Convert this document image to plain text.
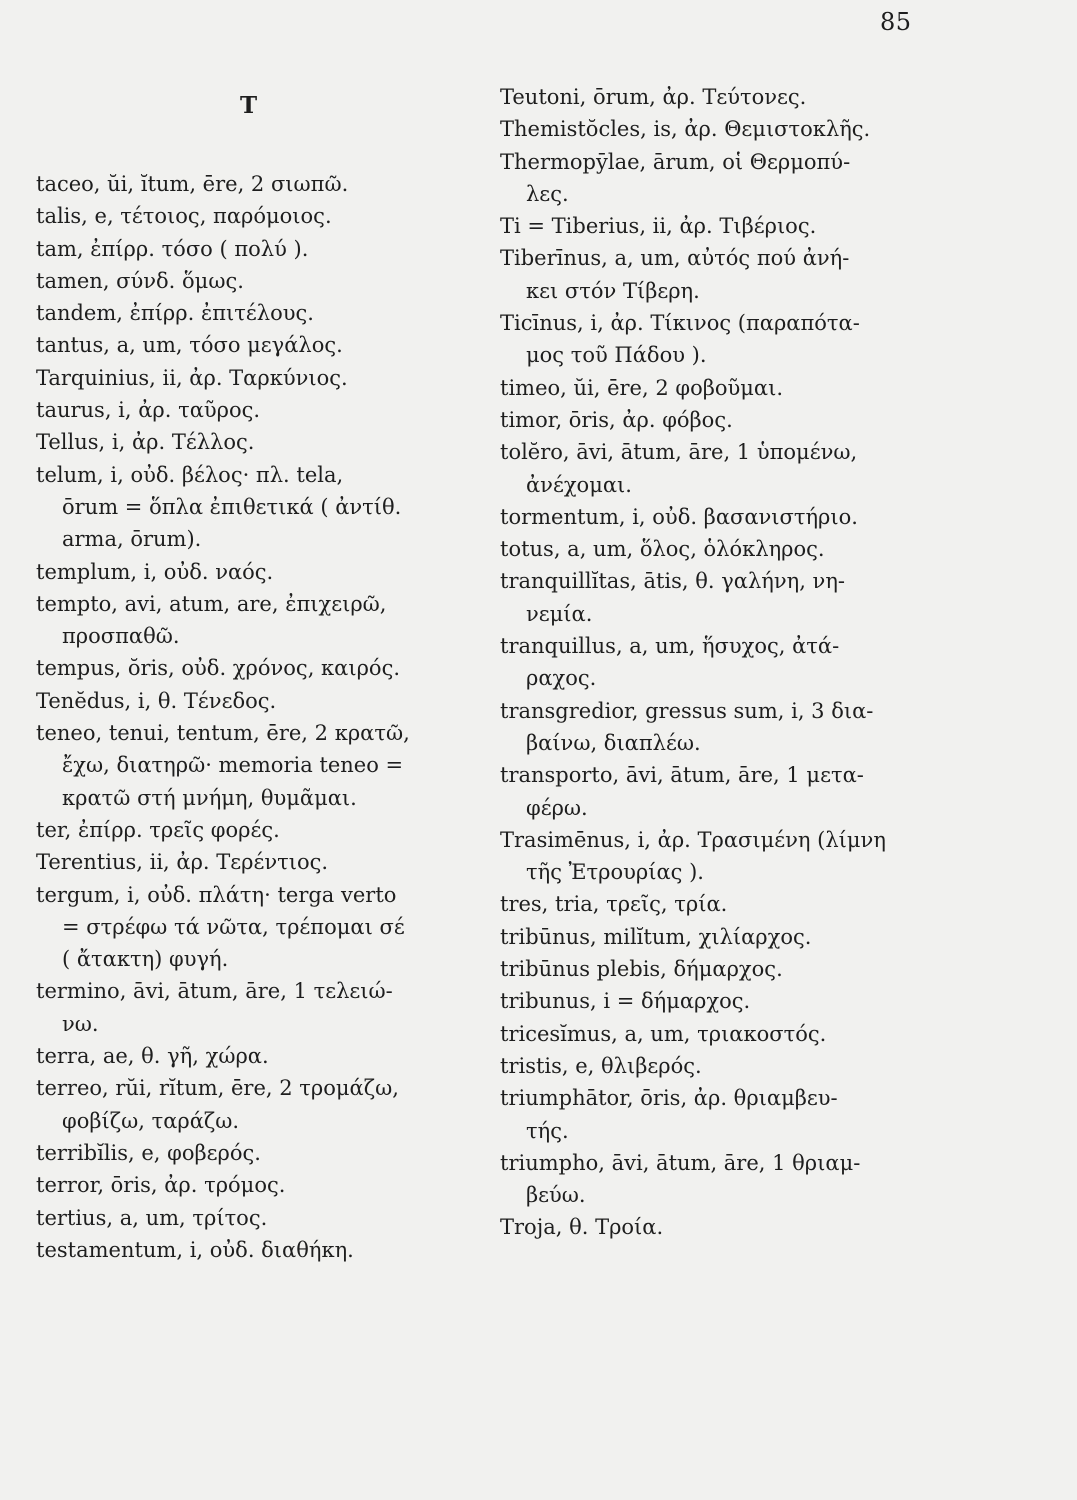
85
T
taceo, ŭi, ĭtum, ēre, 2 σιωπῶ.
talis, e, τέτοιος, παρόμοιος.
tam, ἐπίρρ. τόσο ( πολύ ).
tamen, σύνδ. ὅμως.
tandem, ἐπίρρ. ἐπιτέλους.
tantus, a, um, τόσο μεγάλος.
Tarquinius, ii, ἀρ. Ταρκύνιος.
taurus, i, ἀρ. ταῦρος.
Tellus, i, ἀρ. Τέλλος.
telum, i, οὐδ. βέλος· πλ. tela,
ōrum = ὅπλα ἐπιθετικά ( ἀντίθ.
arma, ōrum).
templum, i, οὐδ. ναός.
tempto, avi, atum, are, ἐπιχειρῶ,
προσπαθῶ.
tempus, ŏris, οὐδ. χρόνος, καιρός.
Tenĕdus, i, θ. Τένεδος.
teneo, tenui, tentum, ēre, 2 κρατῶ,
ἔχω, διατηρῶ· memoria teneo =
κρατῶ στή μνήμη, θυμᾶμαι.
ter, ἐπίρρ. τρεῖς φορές.
Terentius, ii, ἀρ. Τερέντιος.
tergum, i, οὐδ. πλάτη· terga verto
= στρέφω τά νῶτα, τρέπομαι σέ
( ἄτακτη) φυγή.
termino, āvi, ātum, āre, 1 τελειώ-
νω.
terra, ae, θ. γῆ, χώρα.
terreo, rŭi, rĭtum, ēre, 2 τρομάζω,
φοβίζω, ταράζω.
terribĭlis, e, φοβερός.
terror, ōris, ἀρ. τρόμος.
tertius, a, um, τρίτος.
testamentum, i, οὐδ. διαθήκη.
Teutoni, ōrum, ἀρ. Τεύτονες.
Themistŏcles, is, ἀρ. Θεμιστοκλῆς.
Thermopȳlae, ārum, οἱ Θερμοπύ-
λες.
Ti = Tiberius, ii, ἀρ. Τιβέριος.
Tiberīnus, a, um, αὐτός πού ἀνή-
κει στόν Τίβερη.
Ticīnus, i, ἀρ. Τίκινος (παραπότα-
μος τοῦ Πάδου ).
timeo, ŭi, ēre, 2 φοβοῦμαι.
timor, ōris, ἀρ. φόβος.
tolĕro, āvi, ātum, āre, 1 ὑπομένω,
ἀνέχομαι.
tormentum, i, οὐδ. βασανιστήριο.
totus, a, um, ὅλος, ὁλόκληρος.
tranquillĭtas, ātis, θ. γαλήνη, νη-
νεμία.
tranquillus, a, um, ἥσυχος, ἀτά-
ραχος.
transgredior, gressus sum, i, 3 δια-
βαίνω, διαπλέω.
transporto, āvi, ātum, āre, 1 μετα-
φέρω.
Trasimēnus, i, ἀρ. Τρασιμένη (λίμνη
τῆς Ἐτρουρίας ).
tres, tria, τρεῖς, τρία.
tribūnus, milĭtum, χιλίαρχος.
tribūnus plebis, δήμαρχος.
tribunus, i = δήμαρχος.
tricesĭmus, a, um, τριακοστός.
tristis, e, θλιβερός.
triumphātor, ōris, ἀρ. θριαμβευ-
τής.
triumpho, āvi, ātum, āre, 1 θριαμ-
βεύω.
Troja, θ. Τροία.
